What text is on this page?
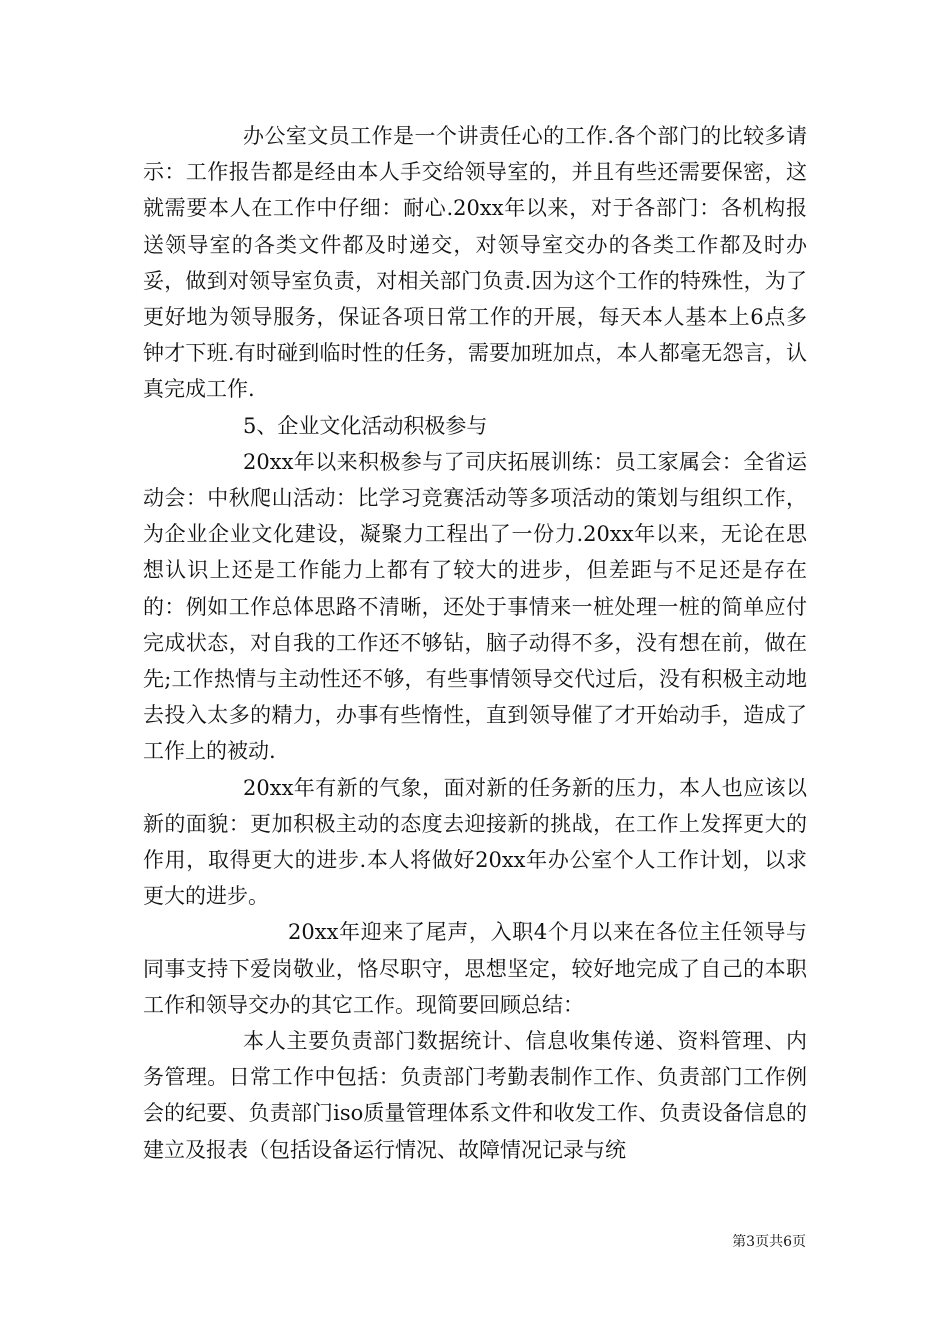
办公室文员工作是一个讲责任心的工作.各个部门的比较多请示：工作报告都是经由本人手交给领导室的，并且有些还需要保密，这就需要本人在工作中仔细：耐心.20xx年以来，对于各部门：各机构报送领导室的各类文件都及时递交，对领导室交办的各类工作都及时办妥，做到对领导室负责，对相关部门负责.因为这个工作的特殊性，为了更好地为领导服务，保证各项日常工作的开展，每天本人基本上6点多钟才下班.有时碰到临时性的任务，需要加班加点，本人都毫无怨言，认真完成工作.

5、企业文化活动积极参与

20xx年以来积极参与了司庆拓展训练：员工家属会：全省运动会：中秋爬山活动：比学习竞赛活动等多项活动的策划与组织工作，为企业企业文化建设，凝聚力工程出了一份力.20xx年以来，无论在思想认识上还是工作能力上都有了较大的进步，但差距与不足还是存在的：例如工作总体思路不清晰，还处于事情来一桩处理一桩的简单应付完成状态，对自我的工作还不够钻，脑子动得不多，没有想在前，做在先;工作热情与主动性还不够，有些事情领导交代过后，没有积极主动地去投入太多的精力，办事有些惰性，直到领导催了才开始动手，造成了工作上的被动.

20xx年有新的气象，面对新的任务新的压力，本人也应该以新的面貌：更加积极主动的态度去迎接新的挑战，在工作上发挥更大的作用，取得更大的进步.本人将做好20xx年办公室个人工作计划，以求更大的进步。

20xx年迎来了尾声，入职4个月以来在各位主任领导与同事支持下爱岗敬业，恪尽职守，思想坚定，较好地完成了自己的本职工作和领导交办的其它工作。现简要回顾总结：

本人主要负责部门数据统计、信息收集传递、资料管理、内务管理。日常工作中包括：负责部门考勤表制作工作、负责部门工作例会的纪要、负责部门iso质量管理体系文件和收发工作、负责设备信息的建立及报表（包括设备运行情况、故障情况记录与统

第3页共6页
